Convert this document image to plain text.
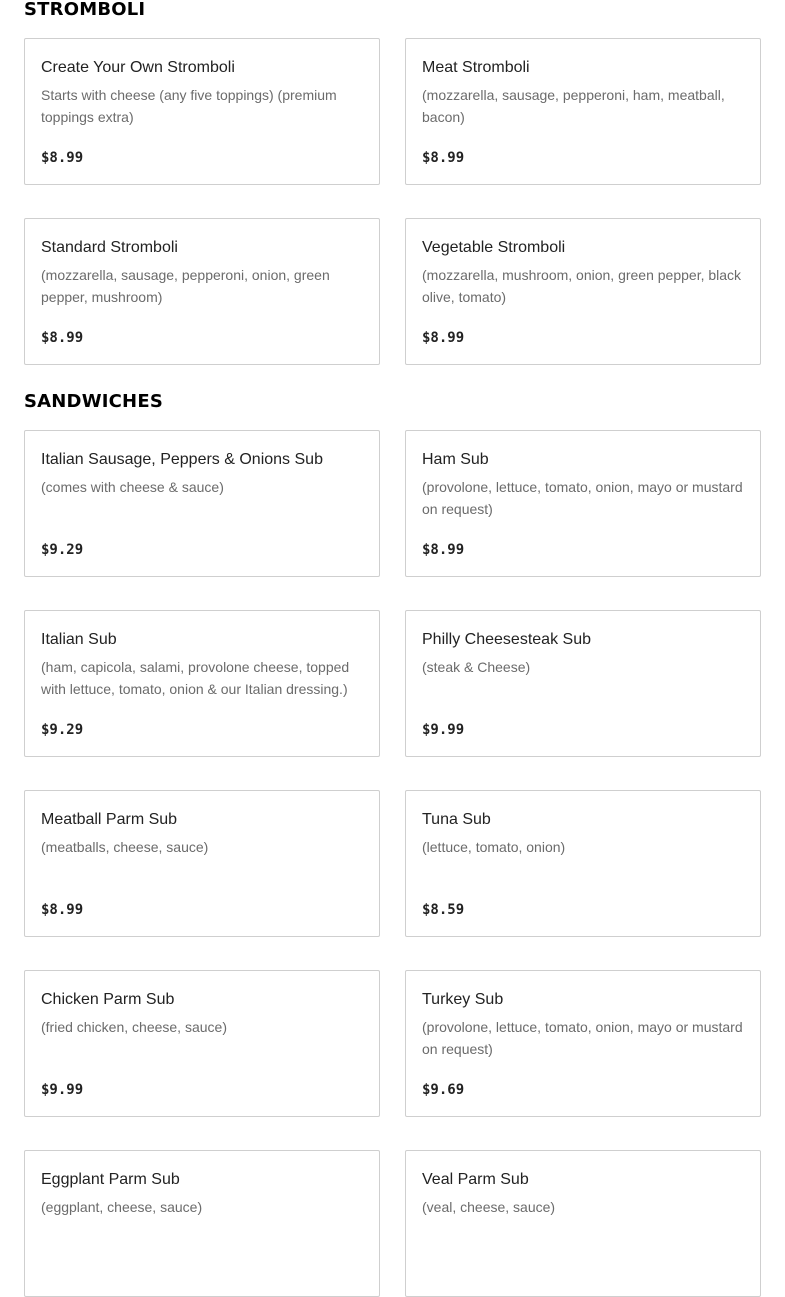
STROMBOLI
Create Your Own Stromboli
Starts with cheese (any five toppings) (premium toppings extra)
$8.99
Meat Stromboli
(mozzarella, sausage, pepperoni, ham, meatball, bacon)
$8.99
Standard Stromboli
(mozzarella, sausage, pepperoni, onion, green pepper, mushroom)
$8.99
Vegetable Stromboli
(mozzarella, mushroom, onion, green pepper, black olive, tomato)
$8.99
SANDWICHES
Italian Sausage, Peppers & Onions Sub
(comes with cheese & sauce)
$9.29
Ham Sub
(provolone, lettuce, tomato, onion, mayo or mustard on request)
$8.99
Italian Sub
(ham, capicola, salami, provolone cheese, topped with lettuce, tomato, onion & our Italian dressing.)
$9.29
Philly Cheesesteak Sub
(steak & Cheese)
$9.99
Meatball Parm Sub
(meatballs, cheese, sauce)
$8.99
Tuna Sub
(lettuce, tomato, onion)
$8.59
Chicken Parm Sub
(fried chicken, cheese, sauce)
$9.99
Turkey Sub
(provolone, lettuce, tomato, onion, mayo or mustard on request)
$9.69
Eggplant Parm Sub
(eggplant, cheese, sauce)
Veal Parm Sub
(veal, cheese, sauce)
